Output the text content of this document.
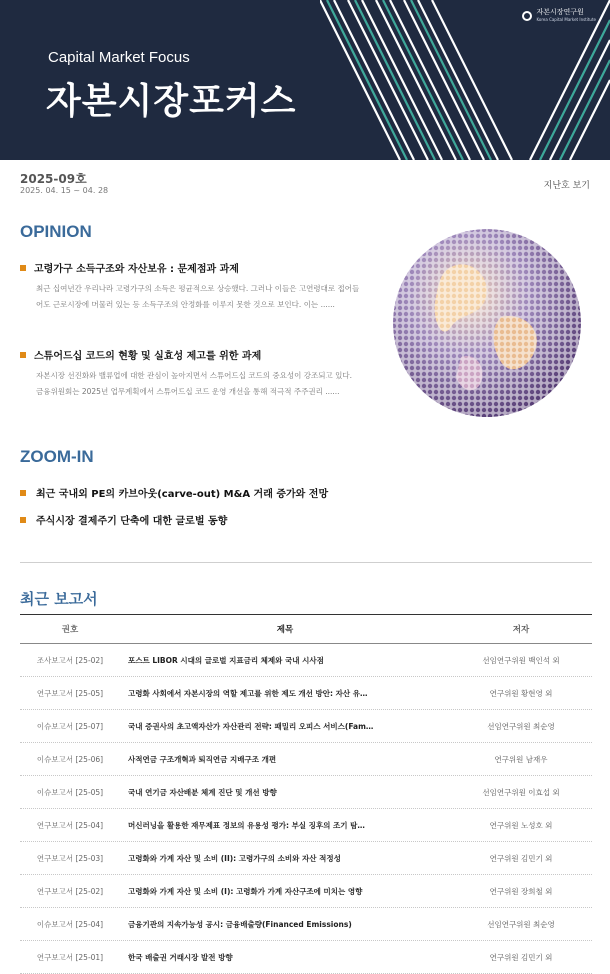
자본시장연구원
Korea Capital Market Institute
Capital Market Focus
자본시장포커스
2025-09호
2025. 04. 15 ~ 04. 28	지난호 보기
OPINION
고령가구 소득구조와 자산보유 : 문제점과 과제
최근 십여년간 우리나라 고령가구의 소득은 평균적으로 상승했다. 그러나 이들은 고연령대로 접어들어도 근로시장에 머물러 있는 등 소득구조의 안정화를 이루지 못한 것으로 보인다. 이는 ......
스튜어드십 코드의 현황 및 실효성 제고를 위한 과제
자본시장 선진화와 밸류업에 대한 관심이 높아지면서 스튜어드십 코드의 중요성이 강조되고 있다. 금융위원회는 2025년 업무계획에서 스튜어드십 코드 운영 개선을 통해 적극적 주주권리 ......
ZOOM-IN
최근 국내외 PE의 카브아웃(carve-out) M&A 거래 증가와 전망
주식시장 결제주기 단축에 대한 글로벌 동향
최근 보고서
권호	제목	저자
조사보고서 [25-02]	포스트 LIBOR 시대의 글로벌 지표금리 체제와 국내 시사점	선임연구위원 백인석 외
연구보고서 [25-05]	고령화 사회에서 자본시장의 역할 제고를 위한 제도 개선 방안: 자산 유…	연구위원 황현영 외
이슈보고서 [25-07]	국내 증권사의 초고액자산가 자산관리 전략: 패밀리 오피스 서비스(Fam…	선임연구위원 최순영
이슈보고서 [25-06]	사적연금 구조개혁과 퇴직연금 지배구조 개편	연구위원 남재우
이슈보고서 [25-05]	국내 연기금 자산배분 체계 진단 및 개선 방향	선임연구위원 이효섭 외
연구보고서 [25-04]	머신러닝을 활용한 재무제표 정보의 유용성 평가: 부실 징후의 조기 탐…	연구위원 노성호 외
연구보고서 [25-03]	고령화와 가계 자산 및 소비 (II): 고령가구의 소비와 자산 적정성	연구위원 김민기 외
연구보고서 [25-02]	고령화와 가계 자산 및 소비 (I): 고령화가 가계 자산구조에 미치는 영향	연구위원 장희철 외
이슈보고서 [25-04]	금융기관의 지속가능성 공시: 금융배출량(Financed Emissions)	선임연구위원 최순영
연구보고서 [25-01]	한국 배출권 거래시장 발전 방향	연구위원 김민기 외
